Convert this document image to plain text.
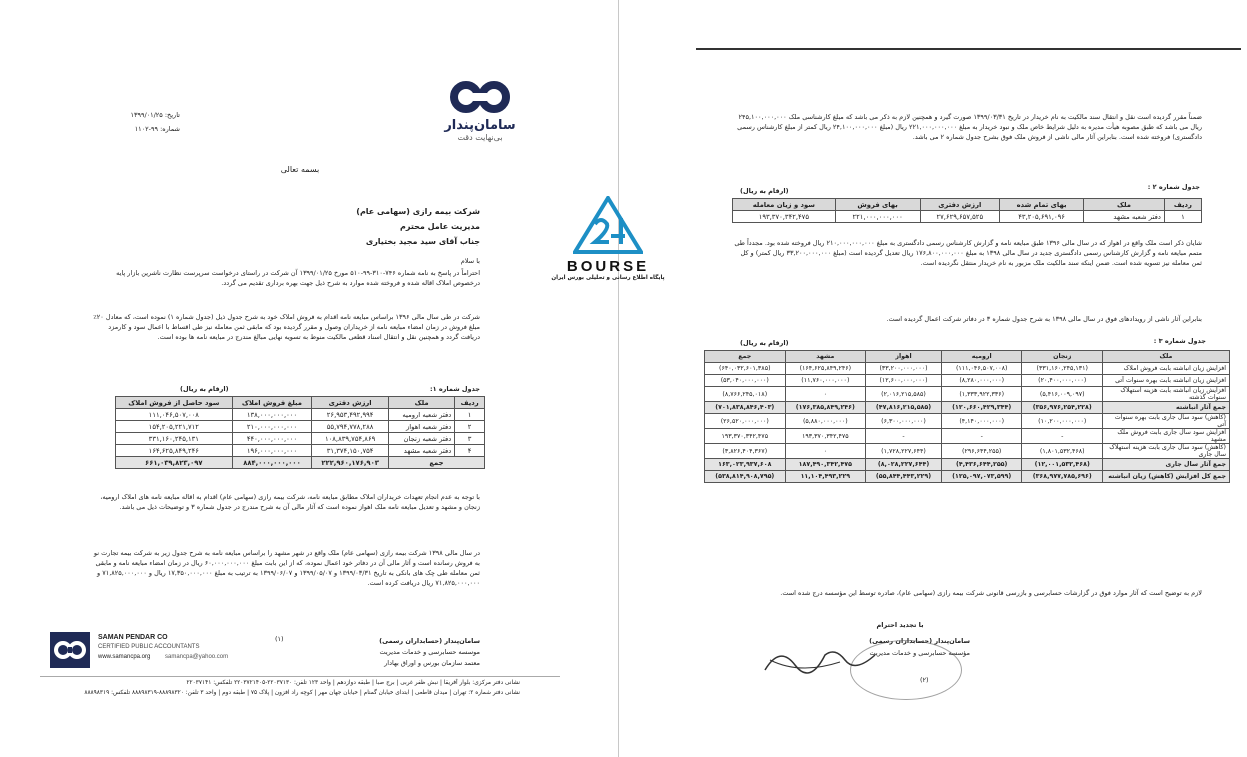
سامان‌پندار
بی‌نهایت دقت
تاریخ: ۱۳۹۹/۰۱/۲۵
شماره: ۹۹-۱۱۰۲
بسمه تعالی
شرکت بیمه رازی (سهامی عام)
مدیریت عامل محترم
جناب آقای سید مجید بختیاری
با سلام
احتراماً در پاسخ به نامه شماره ۷۴۶-۳۱۰-۹۹-۵۱۰ مورخ ۱۳۹۹/۰۱/۲۵ آن شرکت در راستای درخواست سرپرست نظارت ناشرین بازار پایه درخصوص املاک اقاله شده و فروخته شده موارد به شرح ذیل جهت بهره برداری تقدیم می گردد.
شرکت در طی سال مالی ۱۳۹۶ براساس مبایعه نامه اقدام به فروش املاک خود به شرح جدول ذیل (جدول شماره ۱) نموده است، که معادل ۲۰٪ مبلغ فروش در زمان امضاء مبایعه نامه از خریداران وصول و مقرر گردیده بود که مابقی ثمن معامله نیز طی اقساط با اعمال سود و کارمزد دریافت گردد و همچنین نقل و انتقال اسناد قطعی مالکیت منوط به تسویه نهایی مبالغ مندرج در مبایعه نامه ها بوده است.
جدول شماره ۱:
(ارقام به ریال)
ردیف	ملک	ارزش دفتری	مبلغ فروش املاک	سود حاصل از فروش املاک
۱	دفتر شعبه ارومیه	۲۶,۹۵۳,۴۹۲,۹۹۴	۱۳۸,۰۰۰,۰۰۰,۰۰۰	۱۱۱,۰۴۶,۵۰۷,۰۰۸
۲	دفتر شعبه اهواز	۵۵,۷۹۴,۷۷۸,۲۸۸	۲۱۰,۰۰۰,۰۰۰,۰۰۰	۱۵۴,۲۰۵,۲۲۱,۷۱۲
۳	دفتر شعبه زنجان	۱۰۸,۸۳۹,۷۵۴,۸۶۹	۴۴۰,۰۰۰,۰۰۰,۰۰۰	۳۳۱,۱۶۰,۲۴۵,۱۳۱
۴	دفتر شعبه مشهد	۳۱,۳۷۴,۱۵۰,۷۵۴	۱۹۶,۰۰۰,۰۰۰,۰۰۰	۱۶۴,۶۲۵,۸۴۹,۲۴۶
جمع		۲۲۲,۹۶۰,۱۷۶,۹۰۳	۸۸۴,۰۰۰,۰۰۰,۰۰۰	۶۶۱,۰۳۹,۸۲۳,۰۹۷
با توجه به عدم انجام تعهدات خریداران املاک مطابق مبایعه نامه، شرکت بیمه رازی (سهامی عام) اقدام به اقاله مبایعه نامه های املاک ارومیه، زنجان و مشهد و تعدیل مبایعه نامه ملک اهواز نموده است که آثار مالی آن به شرح مندرج در جدول شماره ۳ و توضیحات ذیل می باشد.
در سال مالی ۱۳۹۸ شرکت بیمه رازی (سهامی عام) ملک واقع در شهر مشهد را براساس مبایعه نامه به شرح جدول زیر به شرکت بیمه تجارت نو به فروش رسانده است و آثار مالی آن در دفاتر خود اعمال نموده، که از این بابت مبلغ ۶۰,۰۰۰,۰۰۰,۰۰۰ ریال در زمان امضاء مبایعه نامه و مابقی ثمن معامله طی چک های بانکی به تاریخ ۱۳۹۹/۰۳/۳۱ و ۱۳۹۹/۰۵/۰۷ و ۱۳۹۹/۰۶/۰۷ به ترتیب به مبلغ ۱۷,۳۵۰,۰۰۰,۰۰۰ ریال و ۷۱,۸۲۵,۰۰۰,۰۰۰ و ۷۱,۸۲۵,۰۰۰,۰۰۰ ریال دریافت کرده است.
(۱)	سامان‌پندار (حسابداران رسمی)
موسسه حسابرسی و خدمات مدیریت
معتمد سازمان بورس و اوراق بهادار
SAMAN PENDAR CO
CERTIFIED PUBLIC ACCOUNTANTS
www.samancpa.org samancpa@yahoo.com
نشانی دفتر مرکزی: بلوار آفریقا | نبش ظفر غربی | برج صبا | طبقه دوازدهم | واحد ۱۲۳ تلفن: ۲۲۰۳۷۱۳۰-۲۲۰۳۷۲۱۴۰۵ تلفکس: ۲۲۰۳۷۱۴۱
نشانی دفتر شماره ۲: تهران | میدان قاطعی | ابتدای خیابان گمنام | خیابان جهان مهر | کوچه راد افزون | پلاک ۷۵ | طبقه دوم | واحد ۳ تلفن: ۸۸۸۹۸۳۲۰-۸۸۸۹۸۳۱۹ تلفکس: ۸۸۸۹۸۳۱۹
BOURSE
پایگاه اطلاع رسانی و تحلیلی بورس ایران
ضمناً مقرر گردیده است نقل و انتقال سند مالکیت به نام خریدار در تاریخ ۱۳۹۹/۰۳/۳۱ صورت گیرد و همچنین لازم به ذکر می باشد که مبلغ کارشناسی ملک ۲۴۵,۱۰۰,۰۰۰,۰۰۰ ریال می باشد که طبق مصوبه هیأت مدیره به دلیل شرایط خاص ملک و نبود خریدار به مبلغ ۲۲۱,۰۰۰,۰۰۰,۰۰۰ ریال (مبلغ ۲۴,۱۰۰,۰۰۰,۰۰۰ ریال کمتر از مبلغ کارشناس رسمی دادگستری) فروخته شده است. بنابراین آثار مالی ناشی از فروش ملک فوق بشرح جدول شماره ۲ می باشد.
جدول شماره ۲ :
(ارقام به ریال)
ردیف	ملک	بهای تمام شده	ارزش دفتری	بهای فروش	سود و زیان معامله
۱	دفتر شعبه مشهد	۴۳,۲۰۵,۶۹۱,۰۹۶	۲۷,۶۲۹,۶۵۷,۵۲۵	۲۲۱,۰۰۰,۰۰۰,۰۰۰	۱۹۳,۳۷۰,۳۴۲,۴۷۵
شایان ذکر است ملک واقع در اهواز که در سال مالی ۱۳۹۶ طبق مبایعه نامه و گزارش کارشناس رسمی دادگستری به مبلغ ۲۱۰,۰۰۰,۰۰۰,۰۰۰ ریال فروخته شده بود. مجدداً طی متمم مبایعه نامه و گزارش کارشناس رسمی دادگستری جدید در سال مالی ۱۳۹۸ به مبلغ ۱۷۶,۸۰۰,۰۰۰,۰۰۰ ریال تعدیل گردیده است (مبلغ ۳۳,۲۰۰,۰۰۰,۰۰۰ ریال کمتر) و کل ثمن معامله نیز تسویه شده است. ضمن اینکه سند مالکیت ملک مزبور به نام خریدار منتقل نگردیده است.
بنابراین آثار ناشی از رویدادهای فوق در سال مالی ۱۳۹۸ به شرح جدول شماره ۳ در دفاتر شرکت اعمال گردیده است.
جدول شماره ۳ :
(ارقام به ریال)
ملک	زنجان	ارومیه	اهواز	مشهد	جمع
افزایش زیان انباشته بابت فروش املاک	(۳۳۱,۱۶۰,۲۴۵,۱۳۱)	(۱۱۱,۰۴۶,۵۰۷,۰۰۸)	(۳۳,۲۰۰,۰۰۰,۰۰۰)	(۱۶۴,۶۲۵,۸۴۹,۲۴۶)	(۶۴۰,۰۳۲,۶۰۱,۳۸۵)
افزایش زیان انباشته بابت بهره سنوات آتی	(۲۰,۴۰۰,۰۰۰,۰۰۰)	(۸,۲۸۰,۰۰۰,۰۰۰)	(۱۲,۶۰۰,۰۰۰,۰۰۰)	(۱۱,۷۶۰,۰۰۰,۰۰۰)	(۵۳,۰۴۰,۰۰۰,۰۰۰)
افزایش زیان انباشته بابت هزینه استهلاک سنوات گذشته	(۵,۴۱۶,۰۰۹,۰۹۷)	(۱,۳۳۳,۹۲۲,۳۳۶)	(۲,۰۱۶,۲۱۵,۵۸۵)	۰	(۸,۷۶۶,۲۴۵,۰۱۸)
جمع آثار انباشته	(۳۵۶,۹۷۶,۲۵۴,۲۲۸)	(۱۲۰,۶۶۰,۴۲۹,۳۴۴)	(۴۷,۸۱۶,۲۱۵,۵۸۵)	(۱۷۶,۳۸۵,۸۴۹,۲۴۶)	(۷۰۱,۸۳۸,۸۴۶,۴۰۳)
(کاهش) سود سال جاری بابت بهره سنوات آتی	(۱۰,۲۰۰,۰۰۰,۰۰۰)	(۴,۱۴۰,۰۰۰,۰۰۰)	(۶,۳۰۰,۰۰۰,۰۰۰)	(۵,۸۸۰,۰۰۰,۰۰۰)	(۲۶,۵۲۰,۰۰۰,۰۰۰)
افزایش سود سال جاری بابت فروش ملک مشهد	-	-	-	۱۹۳,۳۷۰,۳۴۲,۴۷۵	۱۹۳,۳۷۰,۳۴۲,۴۷۵
(کاهش) سود سال جاری بابت هزینه استهلاک سال جاری	(۱,۸۰۱,۵۳۲,۴۶۸)	(۲۹۶,۶۴۴,۲۵۵)	(۱,۷۲۸,۲۲۷,۶۴۴)	۰	(۳,۸۲۶,۴۰۴,۳۶۷)
جمع آثار سال جاری	(۱۲,۰۰۱,۵۳۲,۴۶۸)	(۴,۴۳۶,۶۴۴,۲۵۵)	(۸,۰۲۸,۲۲۷,۶۴۴)	۱۸۷,۴۹۰,۳۴۲,۴۷۵	۱۶۳,۰۲۳,۹۳۷,۶۰۸
جمع کل افزایش (کاهش) زیان انباشته	(۳۶۸,۹۷۷,۷۸۵,۶۹۶)	(۱۲۵,۰۹۷,۰۷۳,۵۹۹)	(۵۵,۸۴۴,۴۴۳,۲۲۹)	۱۱,۱۰۴,۴۹۳,۲۲۹	(۵۳۸,۸۱۴,۹۰۸,۷۹۵)
لازم به توضیح است که آثار موارد فوق در گزارشات حسابرسی و بازرسی قانونی شرکت بیمه رازی (سهامی عام)، صادره توسط این مؤسسه درج شده است.
با تجدید احترام
سامان‌پندار (حسابداران رسمی)
مؤسسه حسابرسی و خدمات مدیریت
(۲)
